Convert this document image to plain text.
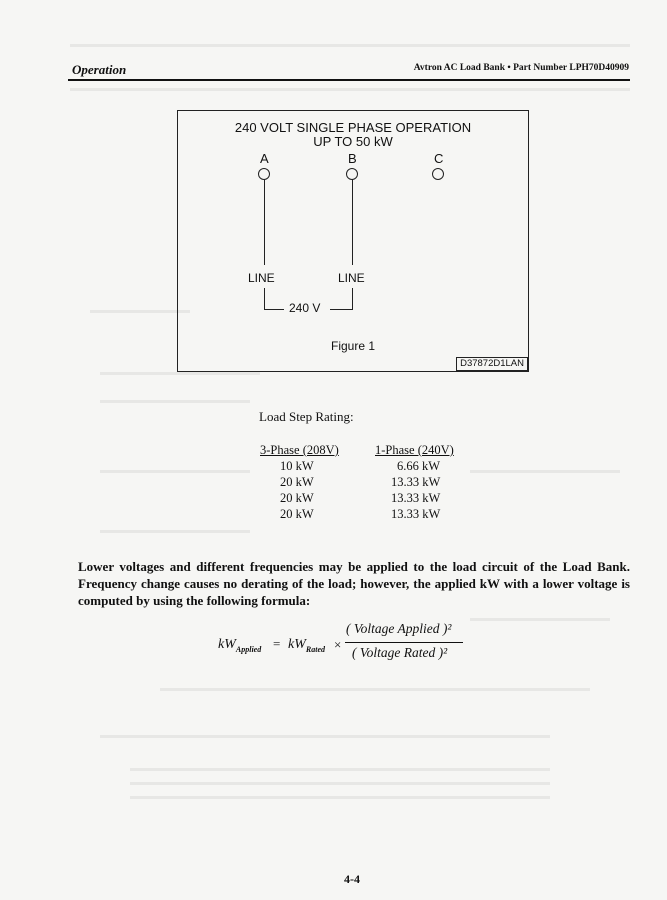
Operation	Avtron AC Load Bank • Part Number LPH70D40909
240 VOLT SINGLE PHASE OPERATION
UP TO 50 kW
A	B	C
LINE	LINE
240 V
Figure 1
D37872D1LAN
Load Step Rating:
3-Phase (208V)	1-Phase (240V)
10 kW	6.66 kW
20 kW	13.33 kW
20 kW	13.33 kW
20 kW	13.33 kW
Lower voltages and different frequencies may be applied to the load circuit of the Load Bank. Frequency change causes no derating of the load; however, the applied kW with a lower voltage is computed by using the following formula:
$kW_{Applied} = kW_{Rated}$ ×
( Voltage Applied )²
( Voltage Rated )²
4-4
